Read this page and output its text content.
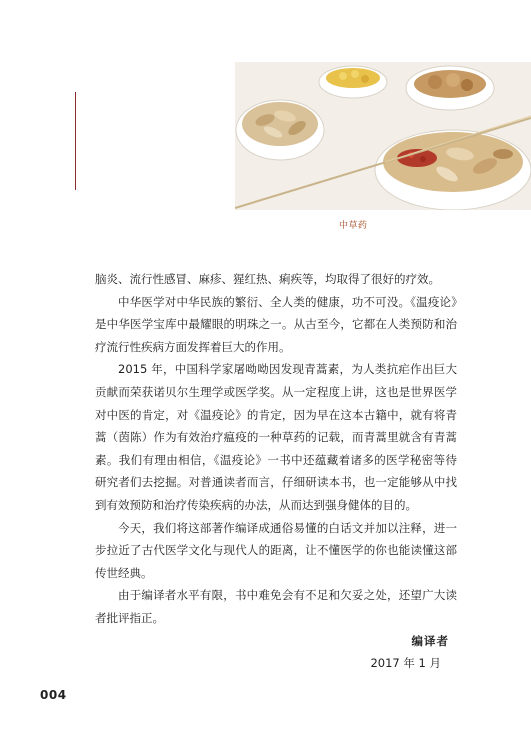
中草药

脑炎、流行性感冒、麻疹、猩红热、痢疾等，均取得了很好的疗效。

中华医学对中华民族的繁衍、全人类的健康，功不可没。《温疫论》是中华医学宝库中最耀眼的明珠之一。从古至今，它都在人类预防和治疗流行性疾病方面发挥着巨大的作用。

2015 年，中国科学家屠呦呦因发现青蒿素，为人类抗疟作出巨大贡献而荣获诺贝尔生理学或医学奖。从一定程度上讲，这也是世界医学对中医的肯定，对《温疫论》的肯定，因为早在这本古籍中，就有将青蒿（茵陈）作为有效治疗瘟疫的一种草药的记载，而青蒿里就含有青蒿素。我们有理由相信，《温疫论》一书中还蕴藏着诸多的医学秘密等待研究者们去挖掘。对普通读者而言，仔细研读本书，也一定能够从中找到有效预防和治疗传染疾病的办法，从而达到强身健体的目的。

今天，我们将这部著作编译成通俗易懂的白话文并加以注释，进一步拉近了古代医学文化与现代人的距离，让不懂医学的你也能读懂这部传世经典。

由于编译者水平有限，书中难免会有不足和欠妥之处，还望广大读者批评指正。

编译者
2017 年 1 月
004
